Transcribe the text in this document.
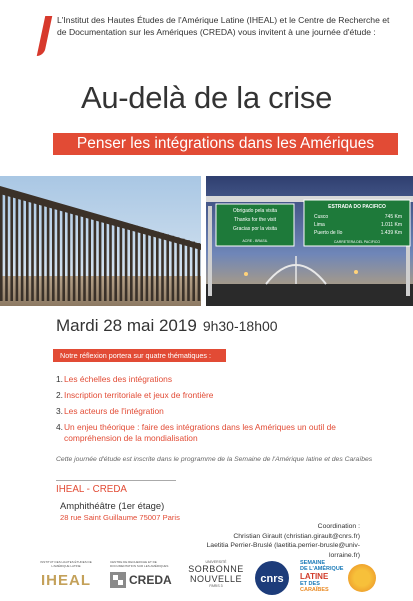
L'Institut des Hautes Études de l'Amérique Latine (IHEAL) et le Centre de Recherche et de Documentation sur les Amériques (CREDA) vous invitent à une journée d'étude :
Au-delà de la crise
Penser les intégrations dans les Amériques
Obrigado pela visita
Thanks for the visit
Gracias por la visita
ACRE - BRASIL
ESTRADA DO PACIFICO
Cusco	745 Km
Lima	1.011 Km
Puerto de Ilo	1.439 Km
CARRETERA DEL PACIFICO
Mardi 28 mai 2019 9h30-18h00
Notre réflexion portera sur quatre thématiques :
1. Les échelles des intégrations
2. Inscription territoriale et jeux de frontière
3. Les acteurs de l'intégration
4. Un enjeu théorique : faire des intégrations dans les Amériques un outil de compréhension de la mondialisation
Cette journée d'étude est inscrite dans le programme de la Semaine de l'Amérique latine et des Caraïbes
IHEAL - CREDA
Amphithéâtre (1er étage)
28 rue Saint Guillaume 75007 Paris
Coordination :
Christian Girault (christian.girault@cnrs.fr)
Laetitia Perrier-Bruslé (laetitia.perrier-brusle@univ-lorraine.fr)
INSTITUT DES HAUTES ÉTUDES DE L'AMÉRIQUE LATINE
IHEAL
CENTRE DE RECHERCHE ET DE DOCUMENTATION SUR LES AMÉRIQUES
CREDA
UNIVERSITÉ
SORBONNE
NOUVELLE
PARIS 3
cnrs
SEMAINE
DE L'AMÉRIQUE
LATINE
ET DES
CARAÏBES
